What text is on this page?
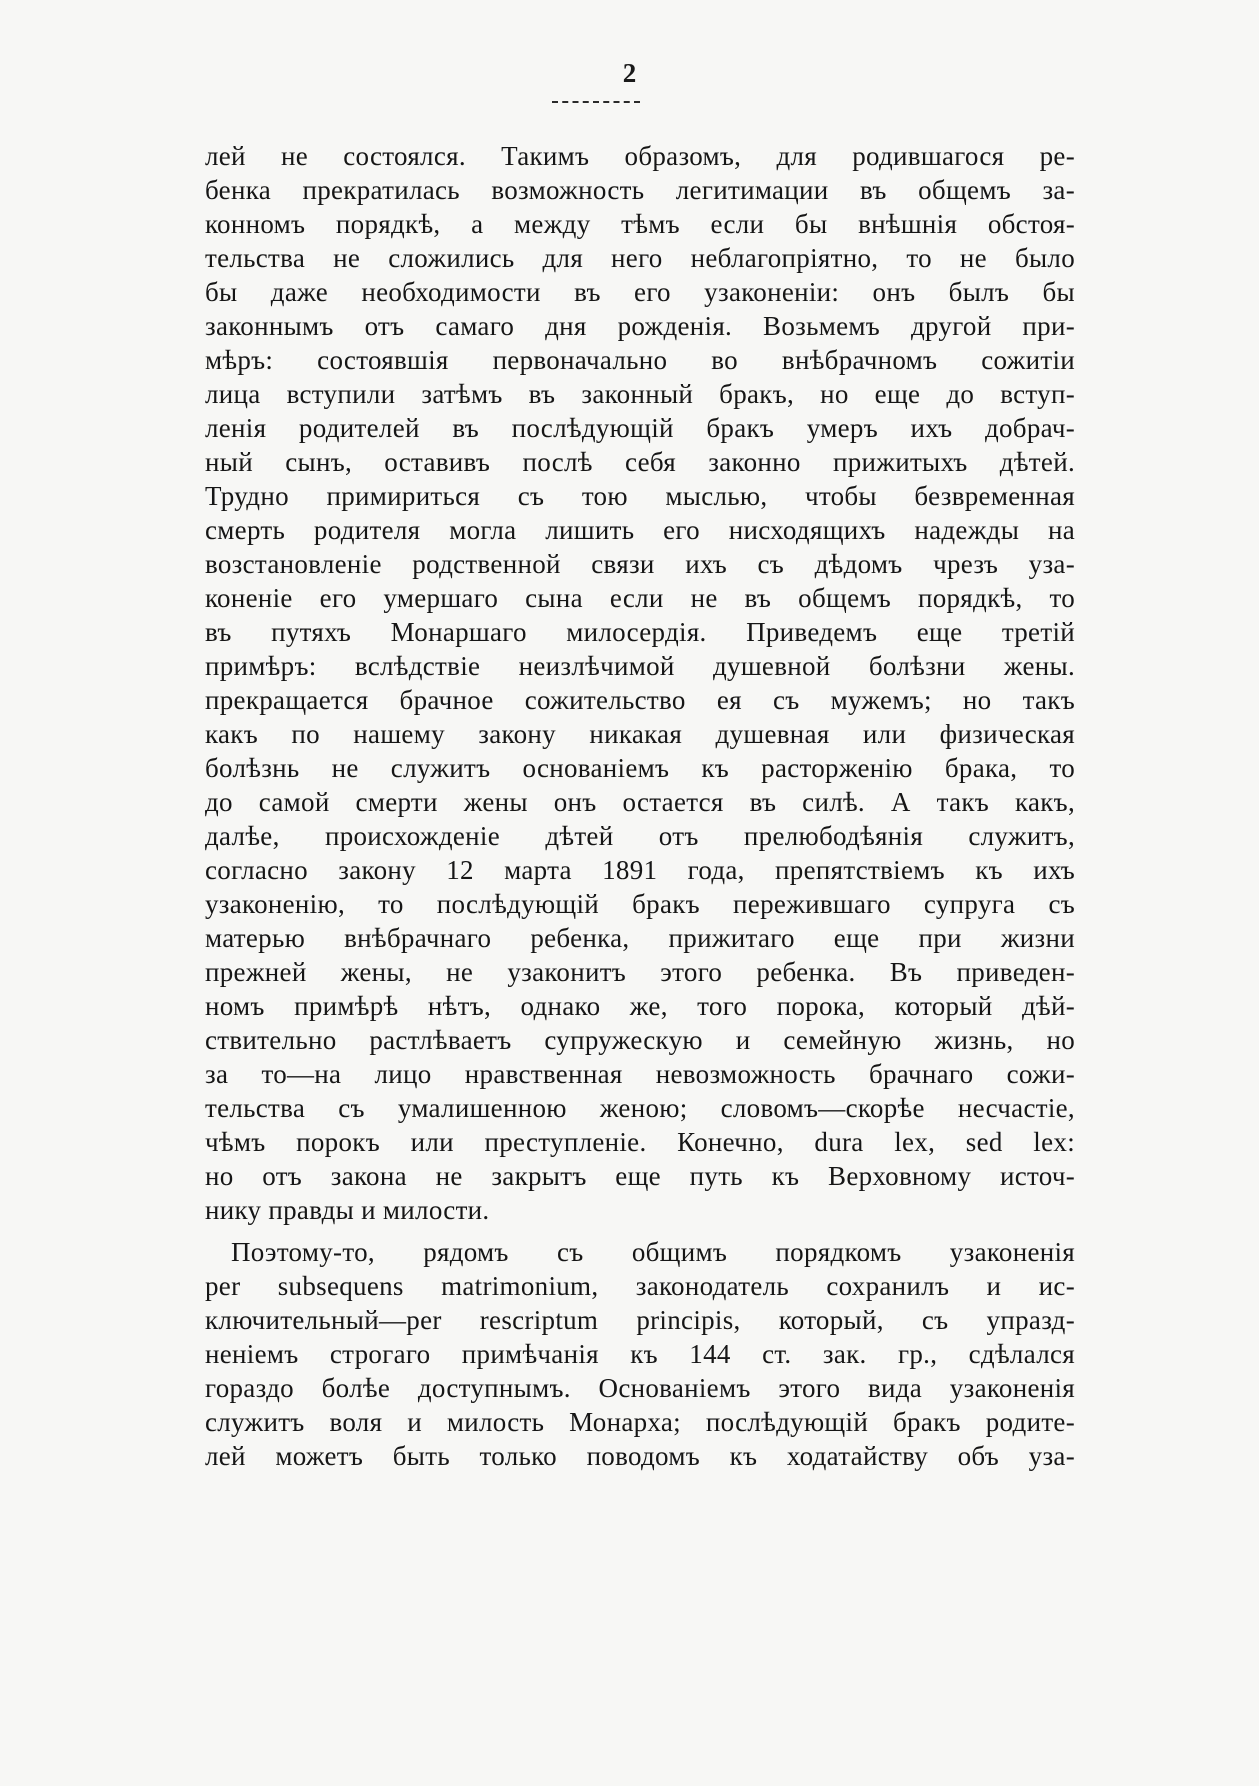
2
лей не состоялся. Такимъ образомъ, для родившагося ре-
бенка прекратилась возможность легитимации въ общемъ за-
конномъ порядкѣ, а между тѣмъ если бы внѣшнія обстоя-
тельства не сложились для него неблагопріятно, то не было
бы даже необходимости въ его узаконеніи: онъ былъ бы
законнымъ отъ самаго дня рожденія. Возьмемъ другой при-
мѣръ: состоявшія первоначально во внѣбрачномъ сожитіи
лица вступили затѣмъ въ законный бракъ, но еще до вступ-
ленія родителей въ послѣдующій бракъ умеръ ихъ добрач-
ный сынъ, оставивъ послѣ себя законно прижитыхъ дѣтей.
Трудно примириться съ тою мыслью, чтобы безвременная
смерть родителя могла лишить его нисходящихъ надежды на
возстановленіе родственной связи ихъ съ дѣдомъ чрезъ уза-
коненіе его умершаго сына если не въ общемъ порядкѣ, то
въ путяхъ Монаршаго милосердія. Приведемъ еще третій
примѣръ: вслѣдствіе неизлѣчимой душевной болѣзни жены.
прекращается брачное сожительство ея съ мужемъ; но такъ
какъ по нашему закону никакая душевная или физическая
болѣзнь не служитъ основаніемъ къ расторженію брака, то
до самой смерти жены онъ остается въ силѣ. А такъ какъ,
далѣе, происхожденіе дѣтей отъ прелюбодѣянія служитъ,
согласно закону 12 марта 1891 года, препятствіемъ къ ихъ
узаконенію, то послѣдующій бракъ пережившаго супруга съ
матерью внѣбрачнаго ребенка, прижитаго еще при жизни
прежней жены, не узаконитъ этого ребенка. Въ приведен-
номъ примѣрѣ нѣтъ, однако же, того порока, который дѣй-
ствительно растлѣваетъ супружескую и семейную жизнь, но
за то—на лицо нравственная невозможность брачнаго сожи-
тельства съ умалишенною женою; словомъ—скорѣе несчастіе,
чѣмъ порокъ или преступленіе. Конечно, dura lex, sed lex:
но отъ закона не закрытъ еще путь къ Верховному источ-
нику правды и милости.
Поэтому-то, рядомъ съ общимъ порядкомъ узаконенія
per subsequens matrimonium, законодатель сохранилъ и ис-
ключительный—per rescriptum principis, который, съ упразд-
неніемъ строгаго примѣчанія къ 144 ст. зак. гр., сдѣлался
гораздо болѣе доступнымъ. Основаніемъ этого вида узаконенія
служитъ воля и милость Монарха; послѣдующій бракъ родите-
лей можетъ быть только поводомъ къ ходатайству объ уза-
